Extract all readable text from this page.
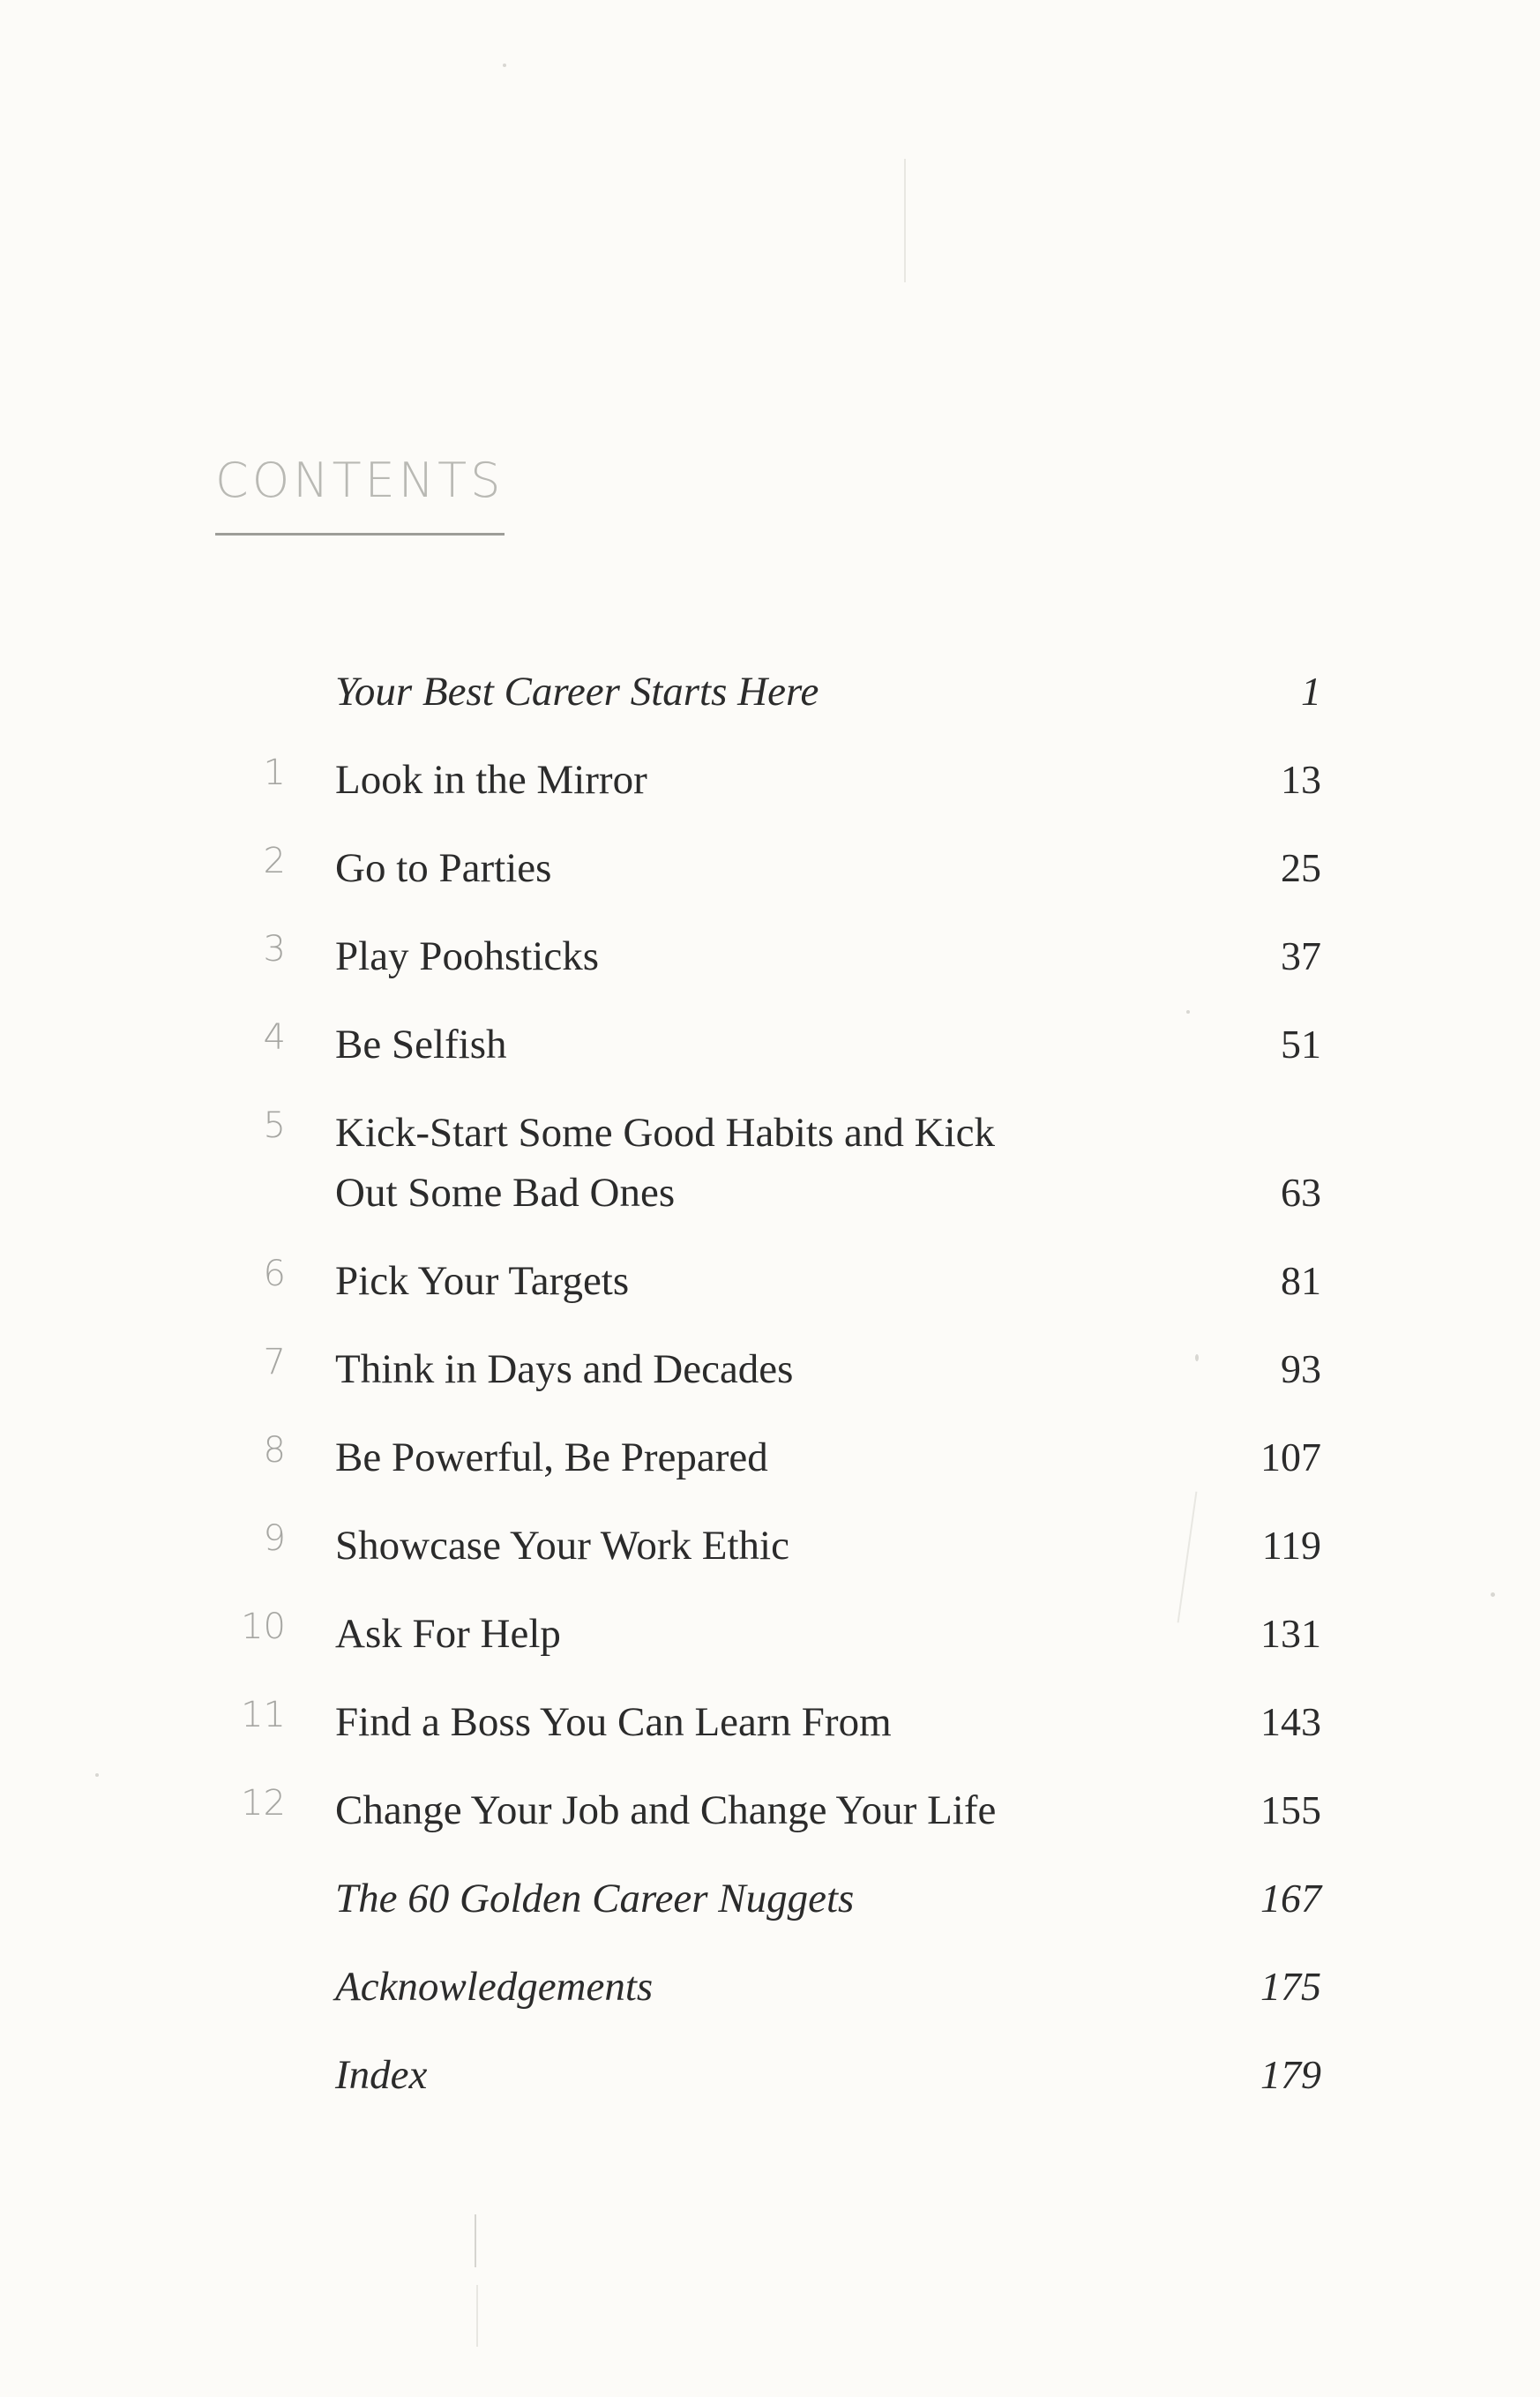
CONTENTS
Your Best Career Starts Here	1
1 Look in the Mirror	13
2 Go to Parties	25
3 Play Poohsticks	37
4 Be Selfish	51
5 Kick-Start Some Good Habits and Kick
Out Some Bad Ones	63
6 Pick Your Targets	81
7 Think in Days and Decades	93
8 Be Powerful, Be Prepared	107
9 Showcase Your Work Ethic	119
10 Ask For Help	131
11 Find a Boss You Can Learn From	143
12 Change Your Job and Change Your Life	155
The 60 Golden Career Nuggets	167
Acknowledgements	175
Index	179
